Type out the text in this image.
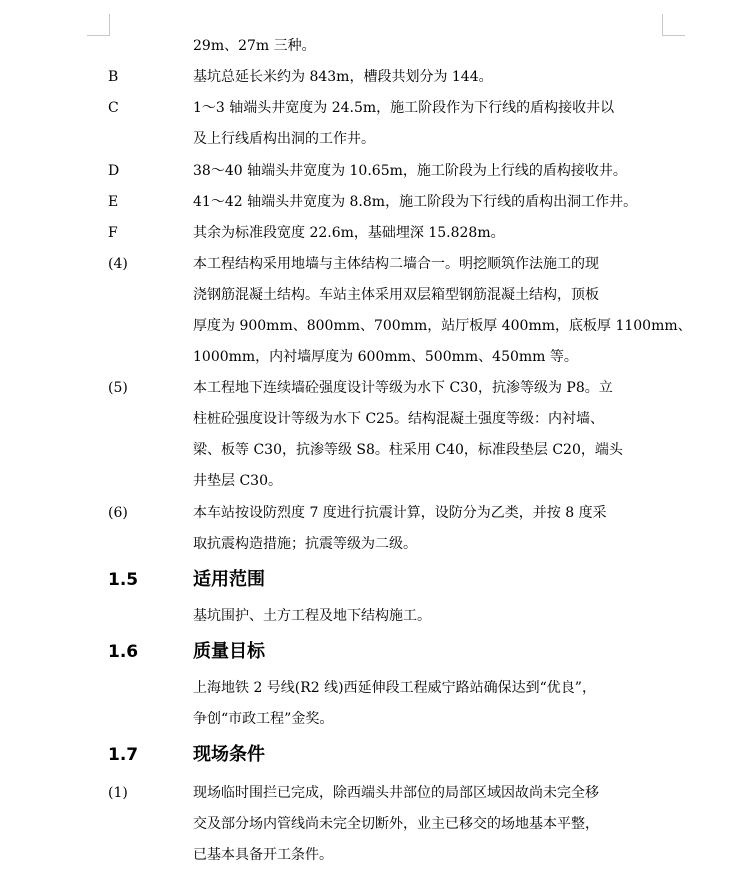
29m、27m 三种。
B	基坑总延长米约为 843m，槽段共划分为 144。
C	1～3 轴端头井宽度为 24.5m，施工阶段作为下行线的盾构接收井以
及上行线盾构出洞的工作井。
D	38～40 轴端头井宽度为 10.65m，施工阶段为上行线的盾构接收井。
E	41～42 轴端头井宽度为 8.8m，施工阶段为下行线的盾构出洞工作井。
F	其余为标准段宽度 22.6m，基础埋深 15.828m。
(4)	本工程结构采用地墙与主体结构二墙合一。明挖顺筑作法施工的现
浇钢筋混凝土结构。车站主体采用双层箱型钢筋混凝土结构，顶板
厚度为 900mm、800mm、700mm，站厅板厚 400mm，底板厚 1100mm、
1000mm，内衬墙厚度为 600mm、500mm、450mm 等。
(5)	本工程地下连续墙砼强度设计等级为水下 C30，抗渗等级为 P8。立
柱桩砼强度设计等级为水下 C25。结构混凝土强度等级：内衬墙、
梁、板等 C30，抗渗等级 S8。柱采用 C40，标准段垫层 C20，端头
井垫层 C30。
(6)	本车站按设防烈度 7 度进行抗震计算，设防分为乙类，并按 8 度采
取抗震构造措施；抗震等级为二级。
1.5	适用范围
基坑围护、土方工程及地下结构施工。
1.6	质量目标
上海地铁 2 号线(R2 线)西延伸段工程威宁路站确保达到“优良”，
争创“市政工程”金奖。
1.7	现场条件
(1)	现场临时围拦已完成，除西端头井部位的局部区域因故尚未完全移
交及部分场内管线尚未完全切断外，业主已移交的场地基本平整，
已基本具备开工条件。
